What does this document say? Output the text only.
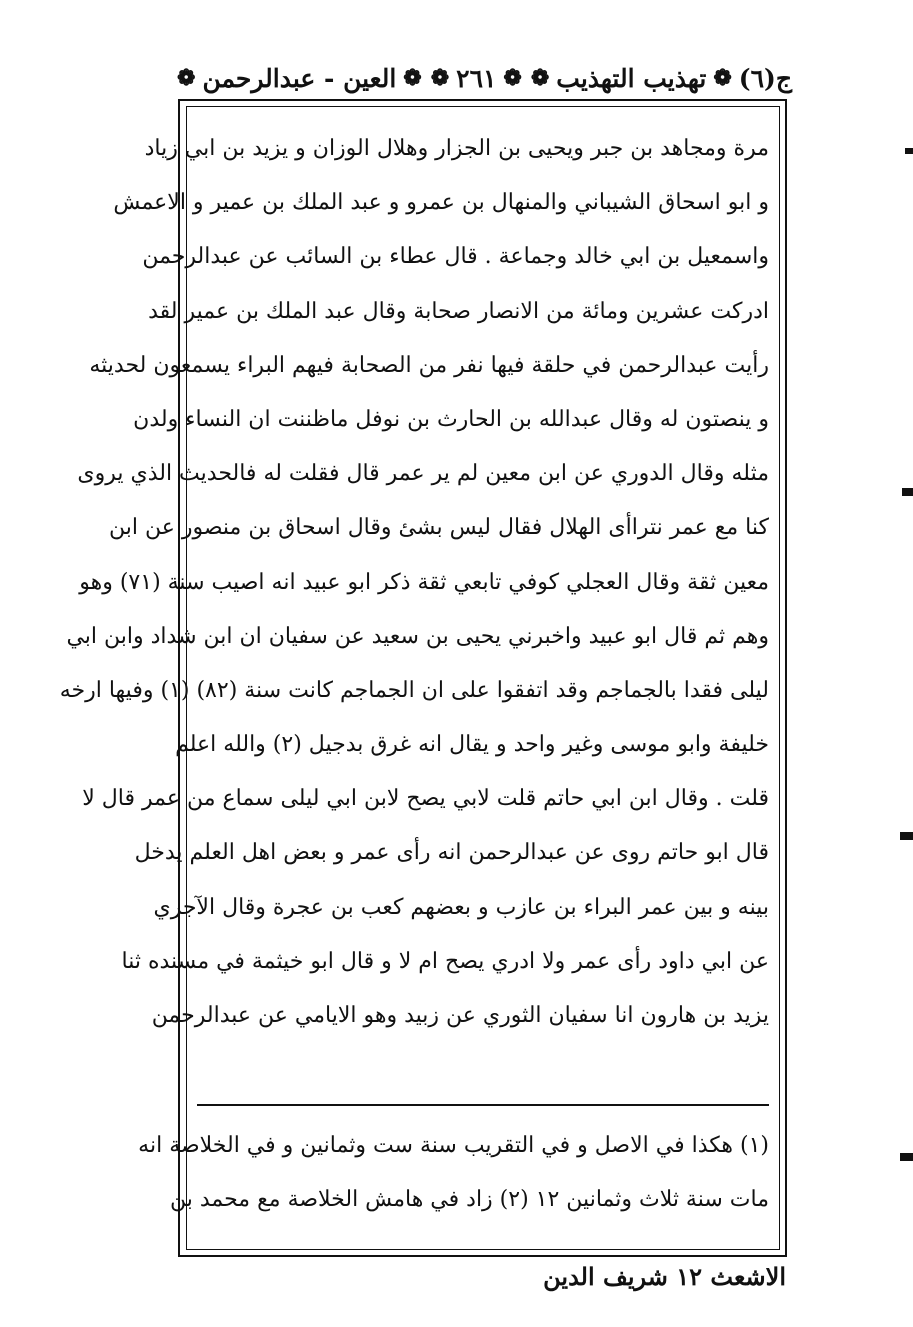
ج(٦)
❁
تهذيب التهذيب
❁
❁
٢٦١
❁
❁
العين - عبدالرحمن
❁
مرة ومجاهد بن جبر ويحيى بن الجزار وهلال الوزان و يزيد بن ابي زياد
و ابو اسحاق الشيباني والمنهال بن عمرو و عبد الملك بن عمير و الاعمش
واسمعيل بن ابي خالد وجماعة . قال عطاء بن السائب عن عبدالرحمن
ادركت عشرين ومائة من الانصار صحابة وقال عبد الملك بن عمير لقد
رأيت عبدالرحمن في حلقة فيها نفر من الصحابة فيهم البراء يسمعون لحديثه
و ينصتون له وقال عبدالله بن الحارث بن نوفل ماظننت ان النساء ولدن
مثله وقال الدوري عن ابن معين لم ير عمر قال فقلت له فالحديث الذي يروى
كنا مع عمر نتراأى الهلال فقال ليس بشئ وقال اسحاق بن منصور عن ابن
معين ثقة وقال العجلي كوفي تابعي ثقة ذكر ابو عبيد انه اصيب سنة (٧١) وهو
وهم ثم قال ابو عبيد واخبرني يحيى بن سعيد عن سفيان ان ابن شداد وابن ابي
ليلى فقدا بالجماجم وقد اتفقوا على ان الجماجم كانت سنة (٨٢) (١) وفيها ارخه
خليفة وابو موسى وغير واحد و يقال انه غرق بدجيل (٢) والله اعلم
قلت . وقال ابن ابي حاتم قلت لابي يصح لابن ابي ليلى سماع من عمر قال لا
قال ابو حاتم روى عن عبدالرحمن انه رأى عمر و بعض اهل العلم يدخل
بينه و بين عمر البراء بن عازب و بعضهم كعب بن عجرة وقال الآجري
عن ابي داود رأى عمر ولا ادري يصح ام لا و قال ابو خيثمة في مسنده ثنا
يزيد بن هارون انا سفيان الثوري عن زبيد وهو الايامي عن عبدالرحمن
(١) هكذا في الاصل و في التقريب سنة ست وثمانين و في الخلاصة انه
مات سنة ثلاث وثمانين ١٢ (٢) زاد في هامش الخلاصة مع محمد بن
الاشعث ١٢ شريف الدين
